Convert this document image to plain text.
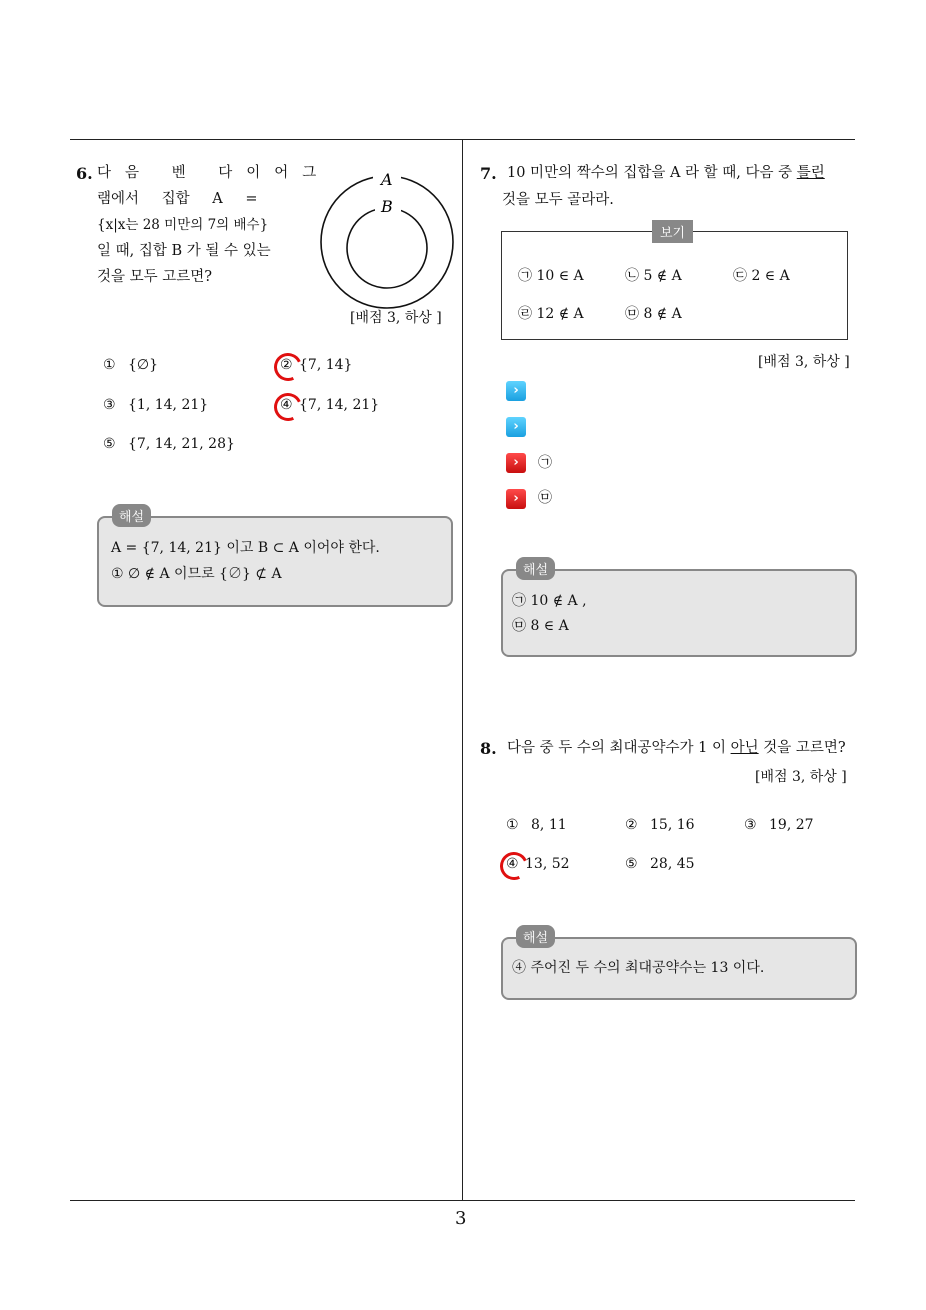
3
6. 다음 벤 다이어그
램에서 집합 A =
{x|x는 28 미만의 7의 배수}
일 때, 집합 B 가 될 수 있는
것을 모두 고르면?
A
B
[배점 3, 하상 ]
① {∅}	② {7, 14}
③ {1, 14, 21}	④ {7, 14, 21}
⑤ {7, 14, 21, 28}
해설
A = {7, 14, 21} 이고 B ⊂ A 이어야 한다.
① ∅ ∉ A 이므로 {∅} ⊄ A
7. 10 미만의 짝수의 집합을 A 라 할 때, 다음 중 틀린
것을 모두 골라라.
보기
㉠ 10 ∈ A	㉡ 5 ∉ A	㉢ 2 ∈ A
㉣ 12 ∉ A	㉤ 8 ∉ A
[배점 3, 하상 ]
›
›
›	㉠
›	㉤
해설
㉠ 10 ∉ A ,
㉤ 8 ∈ A
8. 다음 중 두 수의 최대공약수가 1 이 아닌 것을 고르면?
[배점 3, 하상 ]
① 8, 11	② 15, 16	③ 19, 27
④ 13, 52	⑤ 28, 45
해설
④ 주어진 두 수의 최대공약수는 13 이다.
